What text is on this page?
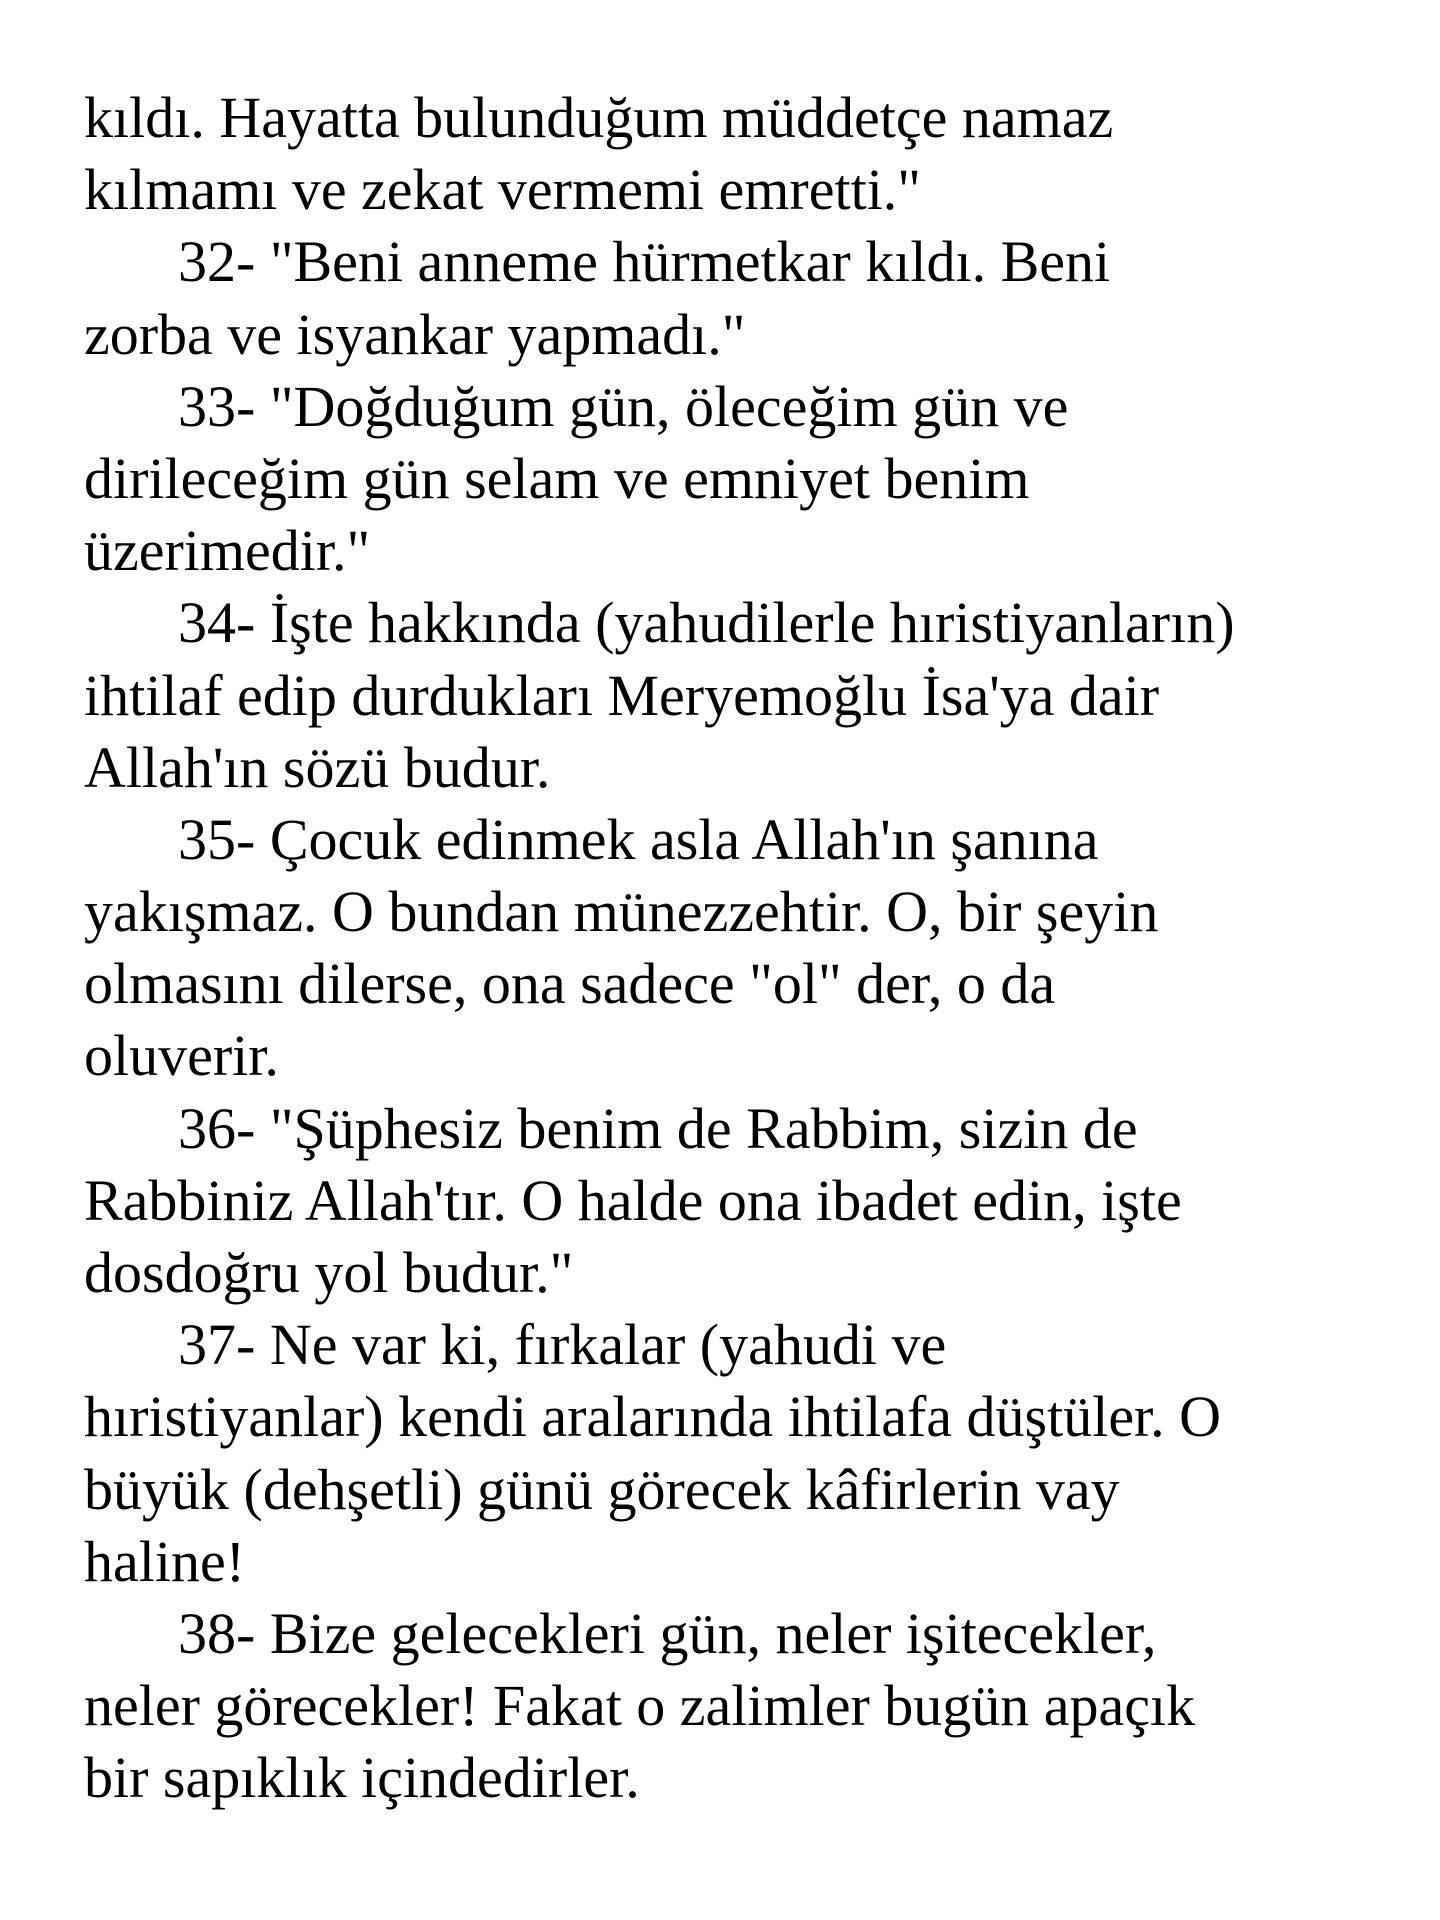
kıldı. Hayatta bulunduğum müddetçe namaz
kılmamı ve zekat vermemi emretti."
32- "Beni anneme hürmetkar kıldı. Beni
zorba ve isyankar yapmadı."
33- "Doğduğum gün, öleceğim gün ve
dirileceğim gün selam ve emniyet benim
üzerimedir."
34- İşte hakkında (yahudilerle hıristiyanların)
ihtilaf edip durdukları Meryemoğlu İsa'ya dair
Allah'ın sözü budur.
35- Çocuk edinmek asla Allah'ın şanına
yakışmaz. O bundan münezzehtir. O, bir şeyin
olmasını dilerse, ona sadece "ol" der, o da
oluverir.
36- "Şüphesiz benim de Rabbim, sizin de
Rabbiniz Allah'tır. O halde ona ibadet edin, işte
dosdoğru yol budur."
37- Ne var ki, fırkalar (yahudi ve
hıristiyanlar) kendi aralarında ihtilafa düştüler. O
büyük (dehşetli) günü görecek kâfirlerin vay
haline!
38- Bize gelecekleri gün, neler işitecekler,
neler görecekler! Fakat o zalimler bugün apaçık
bir sapıklık içindedirler.
